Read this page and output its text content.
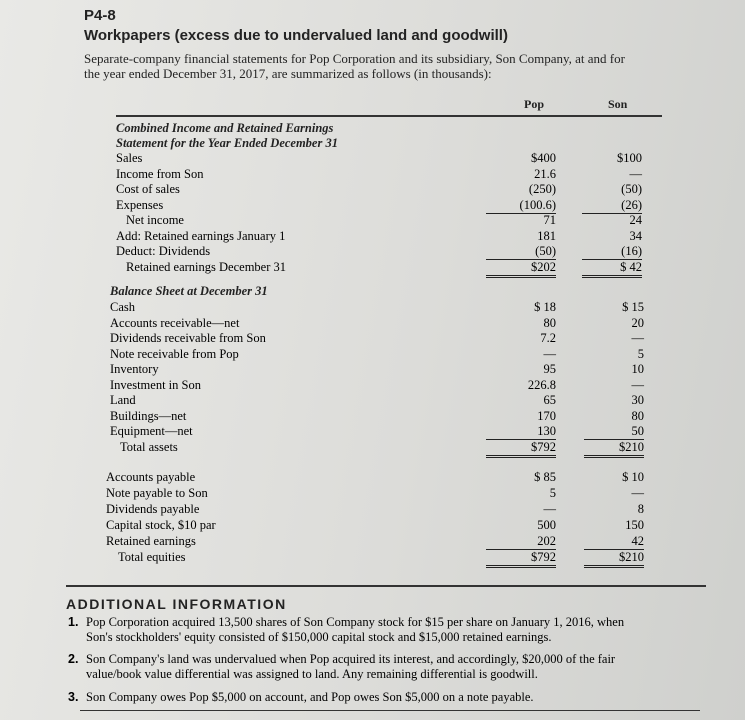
P4-8
Workpapers (excess due to undervalued land and goodwill)
Separate-company financial statements for Pop Corporation and its subsidiary, Son Company, at and for
the year ended December 31, 2017, are summarized as follows (in thousands):
Pop	Son
Combined Income and Retained Earnings
Statement for the Year Ended December 31
Sales	$400	$100
Income from Son	21.6	—
Cost of sales	(250)	(50)
Expenses	(100.6)	(26)
Net income	71	24
Add: Retained earnings January 1	181	34
Deduct: Dividends	(50)	(16)
Retained earnings December 31	$202	$ 42
Balance Sheet at December 31
Cash	$ 18	$ 15
Accounts receivable—net	80	20
Dividends receivable from Son	7.2	—
Note receivable from Pop	—	5
Inventory	95	10
Investment in Son	226.8	—
Land	65	30
Buildings—net	170	80
Equipment—net	130	50
Total assets	$792	$210
Accounts payable	$ 85	$ 10
Note payable to Son	5	—
Dividends payable	—	8
Capital stock, $10 par	500	150
Retained earnings	202	42
Total equities	$792	$210
ADDITIONAL INFORMATION
1. Pop Corporation acquired 13,500 shares of Son Company stock for $15 per share on January 1, 2016, when
Son's stockholders' equity consisted of $150,000 capital stock and $15,000 retained earnings.
2. Son Company's land was undervalued when Pop acquired its interest, and accordingly, $20,000 of the fair
value/book value differential was assigned to land. Any remaining differential is goodwill.
3. Son Company owes Pop $5,000 on account, and Pop owes Son $5,000 on a note payable.
